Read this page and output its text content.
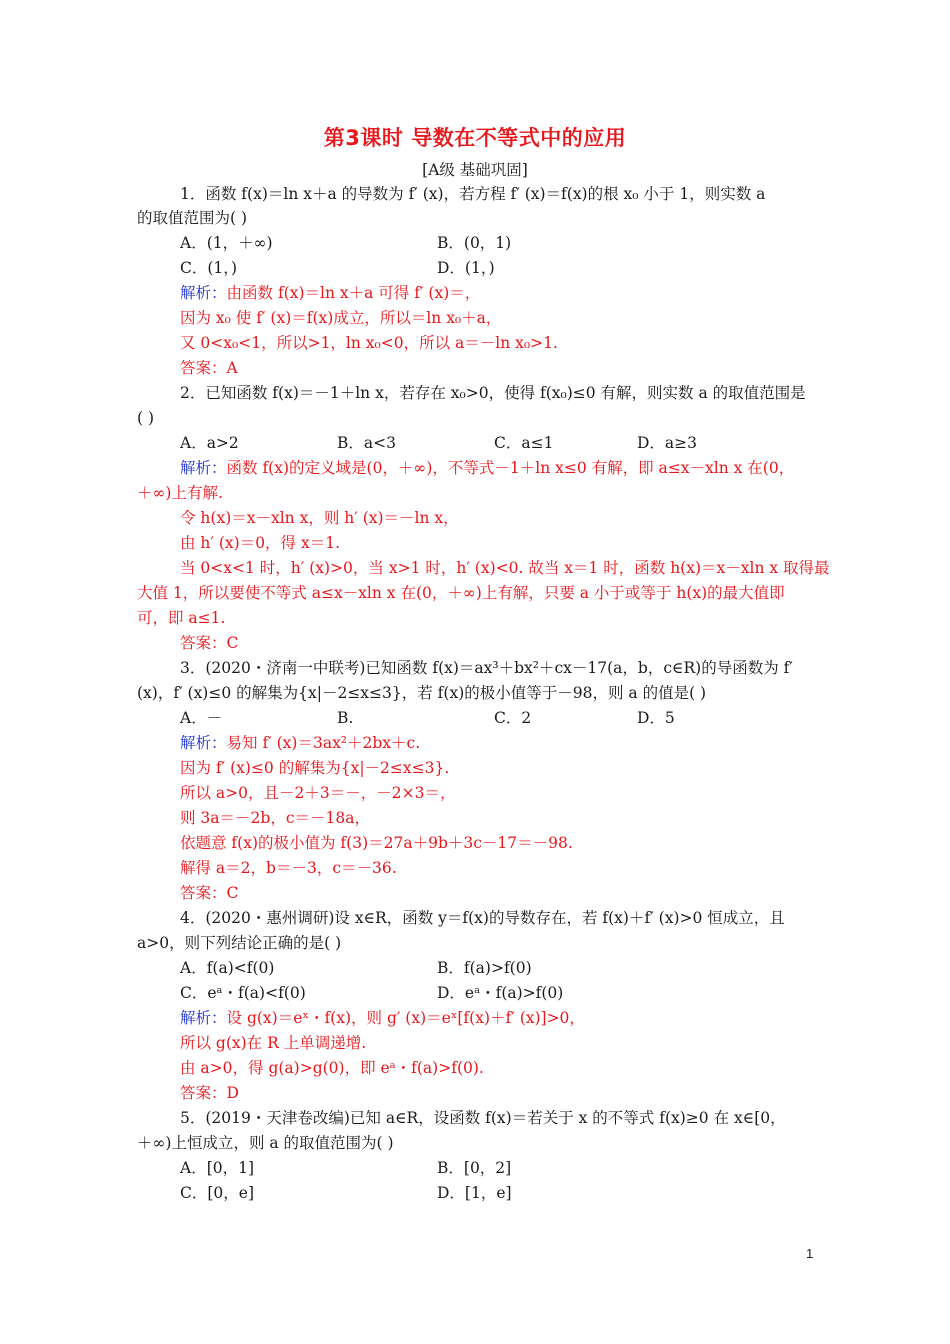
第3课时 导数在不等式中的应用
[A级 基础巩固]
1．函数 f(x)＝ln x＋a 的导数为 f′ (x)，若方程 f′ (x)＝f(x)的根 x₀ 小于 1，则实数 a
的取值范围为( )
A．(1，＋∞)	B．(0，1)
C．(1，)	D．(1，)
解析：由函数 f(x)＝ln x＋a 可得 f′ (x)＝，
因为 x₀ 使 f′ (x)＝f(x)成立，所以＝ln x₀＋a，
又 0<x₀<1，所以>1，ln x₀<0，所以 a＝－ln x₀>1.
答案：A
2．已知函数 f(x)＝－1＋ln x，若存在 x₀>0，使得 f(x₀)≤0 有解，则实数 a 的取值范围是
( )
A．a>2	B．a<3	C．a≤1	D．a≥3
解析：函数 f(x)的定义域是(0，＋∞)，不等式－1＋ln x≤0 有解，即 a≤x－xln x 在(0，
＋∞)上有解.
令 h(x)＝x－xln x，则 h′ (x)＝－ln x，
由 h′ (x)＝0，得 x＝1.
当 0<x<1 时，h′ (x)>0，当 x>1 时，h′ (x)<0. 故当 x＝1 时，函数 h(x)＝x－xln x 取得最
大值 1，所以要使不等式 a≤x－xln x 在(0，＋∞)上有解，只要 a 小于或等于 h(x)的最大值即
可，即 a≤1.
答案：C
3．(2020・济南一中联考)已知函数 f(x)＝ax³＋bx²＋cx－17(a，b，c∈R)的导函数为 f′
(x)，f′ (x)≤0 的解集为{x|－2≤x≤3}，若 f(x)的极小值等于－98，则 a 的值是( )
A．－	B.	C．2	D．5
解析：易知 f′ (x)＝3ax²＋2bx＋c.
因为 f′ (x)≤0 的解集为{x|－2≤x≤3}.
所以 a>0，且－2＋3＝－，－2×3＝，
则 3a＝－2b，c＝－18a，
依题意 f(x)的极小值为 f(3)＝27a＋9b＋3c－17＝－98.
解得 a＝2，b＝－3，c＝－36.
答案：C
4．(2020・惠州调研)设 x∈R，函数 y＝f(x)的导数存在，若 f(x)＋f′ (x)>0 恒成立，且
a>0，则下列结论正确的是( )
A．f(a)<f(0)	B．f(a)>f(0)
C．eᵃ・f(a)<f(0)	D．eᵃ・f(a)>f(0)
解析：设 g(x)＝eˣ・f(x)，则 g′ (x)＝eˣ[f(x)＋f′ (x)]>0，
所以 g(x)在 R 上单调递增.
由 a>0，得 g(a)>g(0)，即 eᵃ・f(a)>f(0).
答案：D
5．(2019・天津卷改编)已知 a∈R，设函数 f(x)＝若关于 x 的不等式 f(x)≥0 在 x∈[0，
＋∞)上恒成立，则 a 的取值范围为( )
A．[0，1]	B．[0，2]
C．[0，e]	D．[1，e]
1
